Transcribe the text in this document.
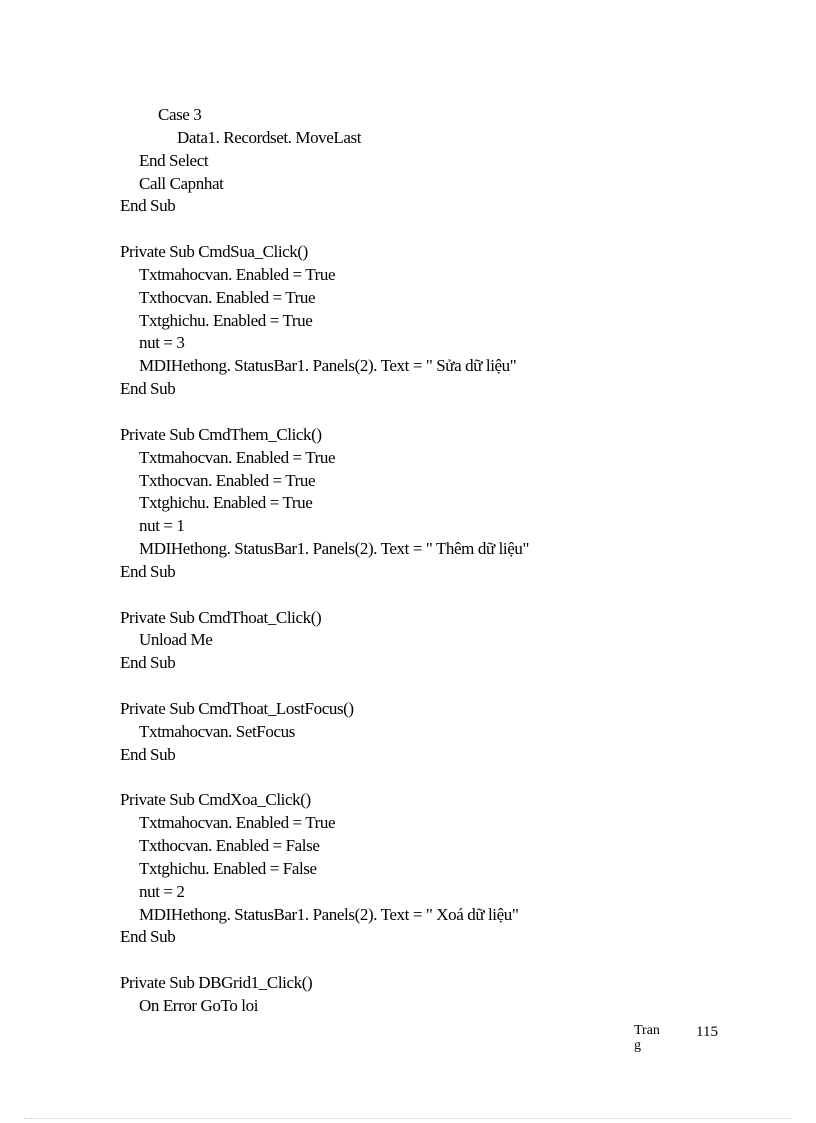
Case 3
Data1. Recordset. MoveLast
End Select
Call Capnhat
End Sub
Private Sub CmdSua_Click()
Txtmahocvan. Enabled = True
Txthocvan. Enabled = True
Txtghichu. Enabled = True
nut = 3
MDIHethong. StatusBar1. Panels(2). Text = " Sửa dữ liệu"
End Sub
Private Sub CmdThem_Click()
Txtmahocvan. Enabled = True
Txthocvan. Enabled = True
Txtghichu. Enabled = True
nut = 1
MDIHethong. StatusBar1. Panels(2). Text = " Thêm dữ liệu"
End Sub
Private Sub CmdThoat_Click()
Unload Me
End Sub
Private Sub CmdThoat_LostFocus()
Txtmahocvan. SetFocus
End Sub
Private Sub CmdXoa_Click()
Txtmahocvan. Enabled = True
Txthocvan. Enabled = False
Txtghichu. Enabled = False
nut = 2
MDIHethong. StatusBar1. Panels(2). Text = " Xoá dữ liệu"
End Sub
Private Sub DBGrid1_Click()
On Error GoTo loi
Trang
115
